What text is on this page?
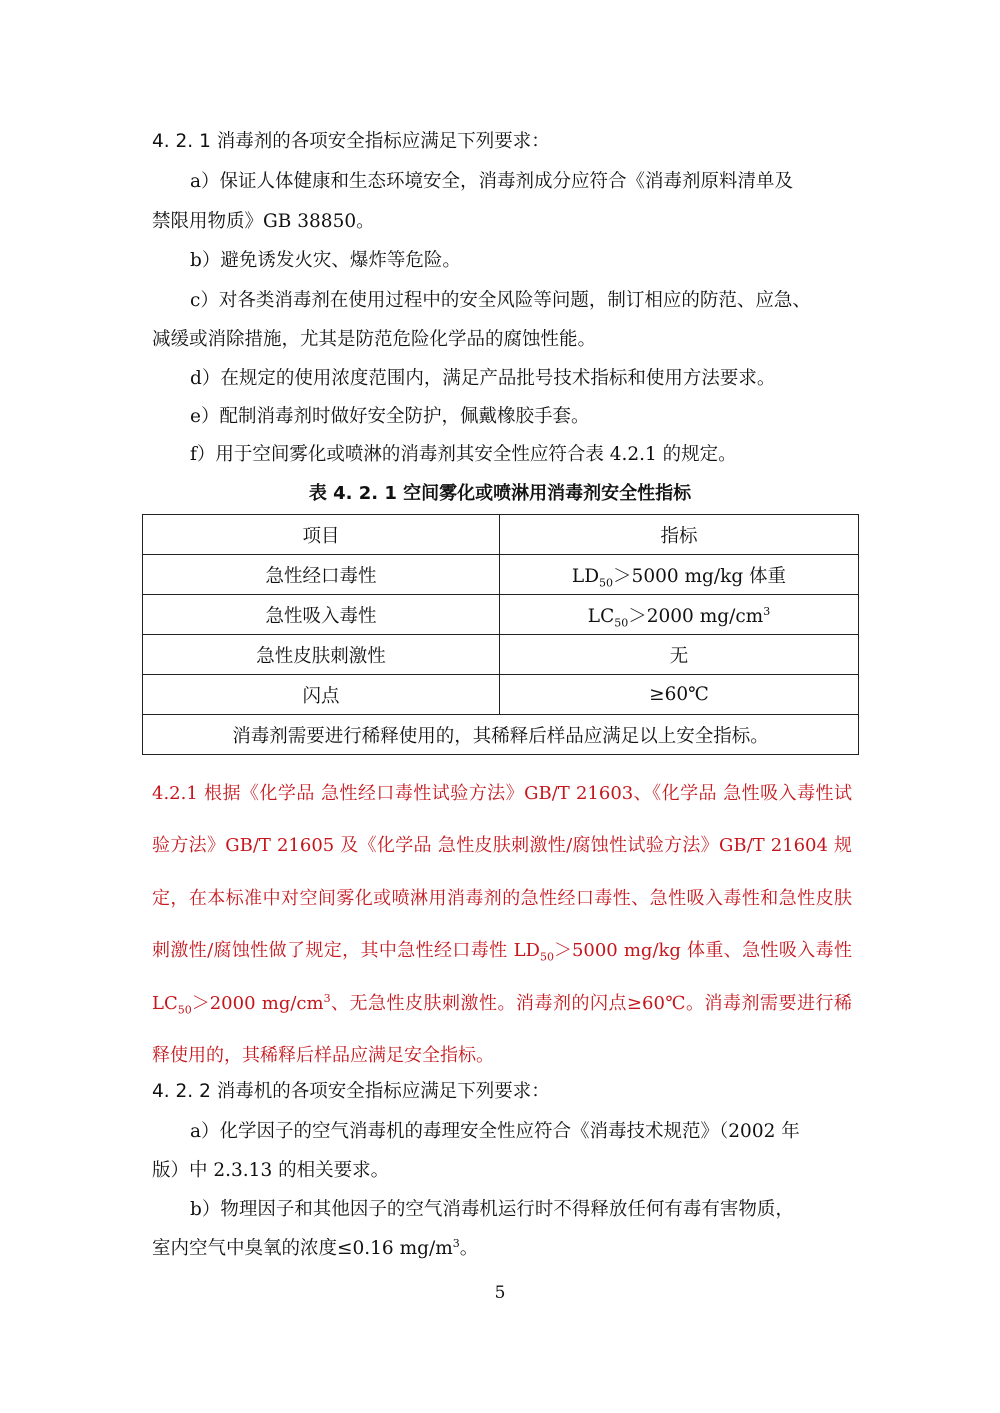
4. 2. 1 消毒剂的各项安全指标应满足下列要求：
a）保证人体健康和生态环境安全，消毒剂成分应符合《消毒剂原料清单及
禁限用物质》GB 38850。
b）避免诱发火灾、爆炸等危险。
c）对各类消毒剂在使用过程中的安全风险等问题，制订相应的防范、应急、
减缓或消除措施，尤其是防范危险化学品的腐蚀性能。
d）在规定的使用浓度范围内，满足产品批号技术指标和使用方法要求。
e）配制消毒剂时做好安全防护，佩戴橡胶手套。
f）用于空间雾化或喷淋的消毒剂其安全性应符合表 4.2.1 的规定。
表 4. 2. 1 空间雾化或喷淋用消毒剂安全性指标
项目	指标
急性经口毒性	$LD_{50}>5000$ mg/kg 体重
急性吸入毒性	$LC_{50}>2000$ $mg/cm^3$
急性皮肤刺激性	无
闪点	≥60℃
消毒剂需要进行稀释使用的，其稀释后样品应满足以上安全指标。	
4.2.1 根据《化学品 急性经口毒性试验方法》GB/T 21603、《化学品 急性吸入毒性试验方法》GB/T 21605 及《化学品 急性皮肤刺激性/腐蚀性试验方法》GB/T 21604 规定，在本标准中对空间雾化或喷淋用消毒剂的急性经口毒性、急性吸入毒性和急性皮肤刺激性/腐蚀性做了规定，其中急性经口毒性 $LD_{50}>5000$ mg/kg 体重、急性吸入毒性 $LC_{50}>2000$ $mg/cm^3$、无急性皮肤刺激性。消毒剂的闪点≥60℃。消毒剂需要进行稀释使用的，其稀释后样品应满足安全指标。
4. 2. 2 消毒机的各项安全指标应满足下列要求：
a）化学因子的空气消毒机的毒理安全性应符合《消毒技术规范》（2002 年
版）中 2.3.13 的相关要求。
b）物理因子和其他因子的空气消毒机运行时不得释放任何有毒有害物质，
室内空气中臭氧的浓度≤0.16 $mg/m^3$。
5
